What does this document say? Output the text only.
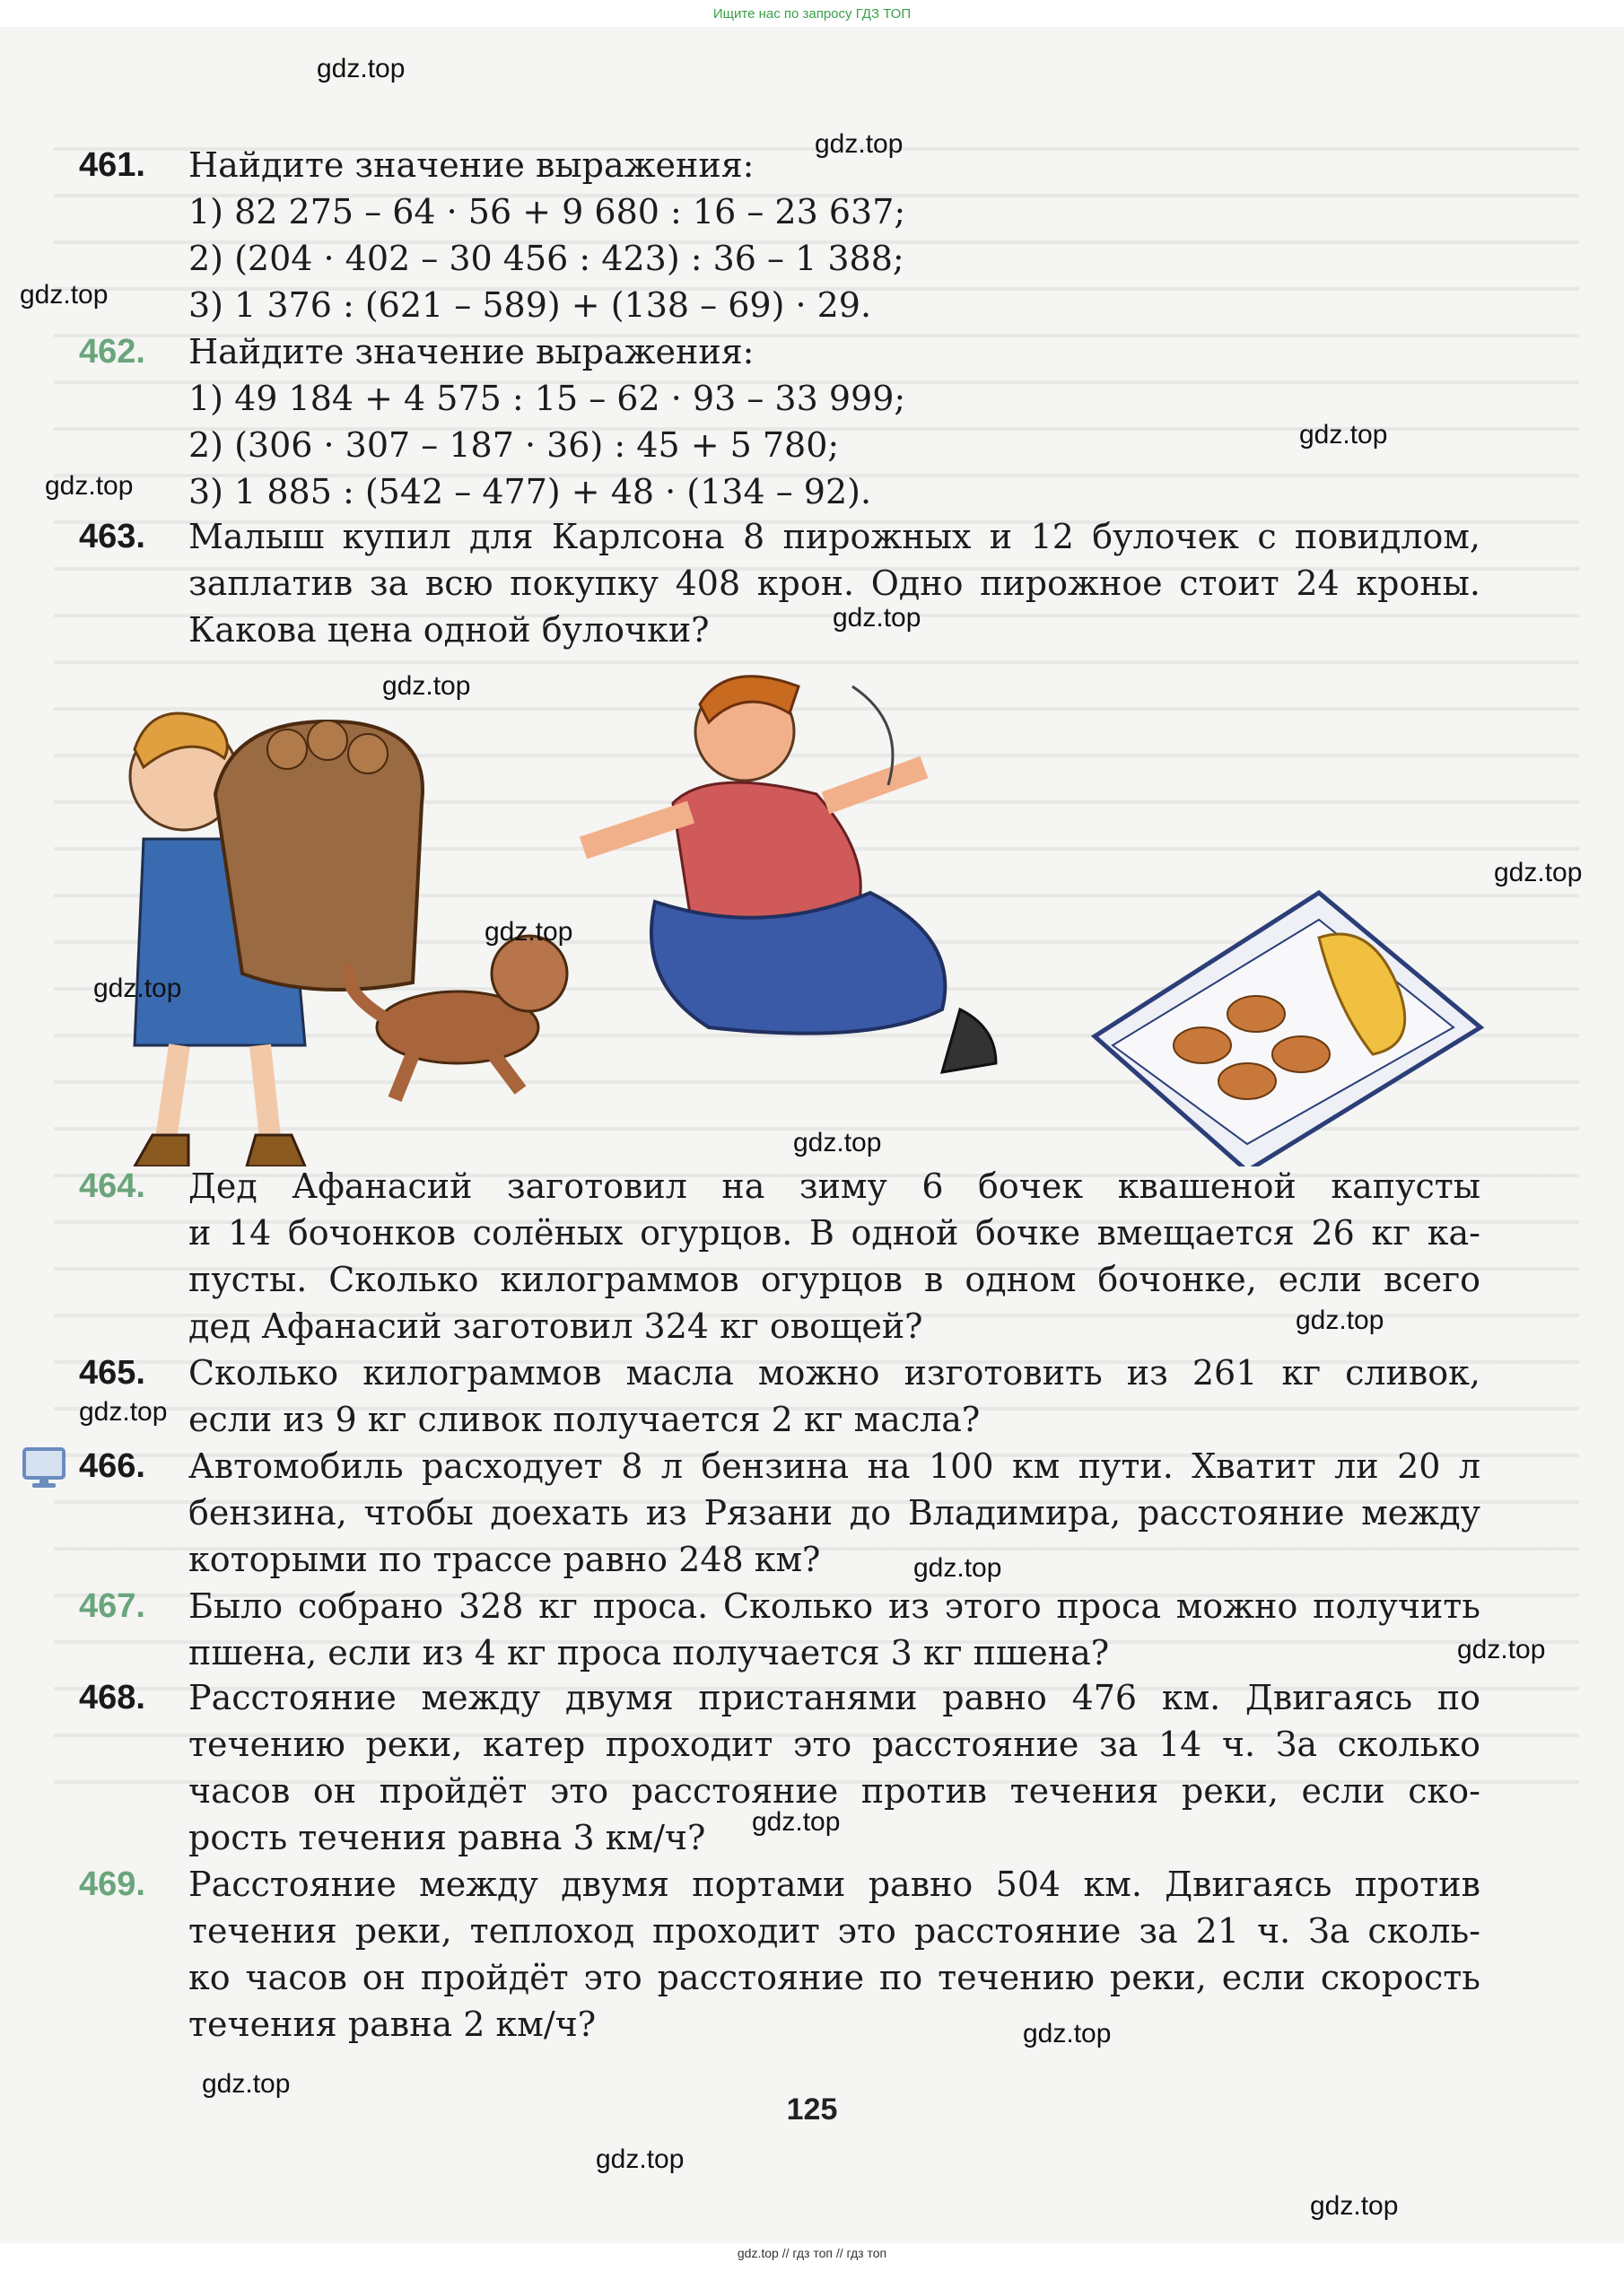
Ищите нас по запросу ГДЗ ТОП
461. Найдите значение выражения:
1) 82 275 – 64 · 56 + 9 680 : 16 – 23 637;
2) (204 · 402 – 30 456 : 423) : 36 – 1 388;
3) 1 376 : (621 – 589) + (138 – 69) · 29.
462. Найдите значение выражения:
1) 49 184 + 4 575 : 15 – 62 · 93 – 33 999;
2) (306 · 307 – 187 · 36) : 45 + 5 780;
3) 1 885 : (542 – 477) + 48 · (134 – 92).
463. Малыш купил для Карлсона 8 пирожных и 12 булочек с повидлом,
заплатив за всю покупку 408 крон. Одно пирожное стоит 24 кроны.
Какова цена одной булочки?
464. Дед Афанасий заготовил на зиму 6 бочек квашеной капусты
и 14 бочонков солёных огурцов. В одной бочке вмещается 26 кг ка-
пусты. Сколько килограммов огурцов в одном бочонке, если всего
дед Афанасий заготовил 324 кг овощей?
465. Сколько килограммов масла можно изготовить из 261 кг сливок,
если из 9 кг сливок получается 2 кг масла?
466. Автомобиль расходует 8 л бензина на 100 км пути. Хватит ли 20 л
бензина, чтобы доехать из Рязани до Владимира, расстояние между
которыми по трассе равно 248 км?
467. Было собрано 328 кг проса. Сколько из этого проса можно получить
пшена, если из 4 кг проса получается 3 кг пшена?
468. Расстояние между двумя пристанями равно 476 км. Двигаясь по
течению реки, катер проходит это расстояние за 14 ч. За сколько
часов он пройдёт это расстояние против течения реки, если ско-
рость течения равна 3 км/ч?
469. Расстояние между двумя портами равно 504 км. Двигаясь против
течения реки, теплоход проходит это расстояние за 21 ч. За сколь-
ко часов он пройдёт это расстояние по течению реки, если скорость
течения равна 2 км/ч?
125
gdz.top
gdz.top
gdz.top
gdz.top
gdz.top
gdz.top
gdz.top
gdz.top
gdz.top
gdz.top
gdz.top
gdz.top
gdz.top
gdz.top
gdz.top
gdz.top
gdz.top
gdz.top
gdz.top
gdz.top
gdz.top // гдз топ // гдз топ
